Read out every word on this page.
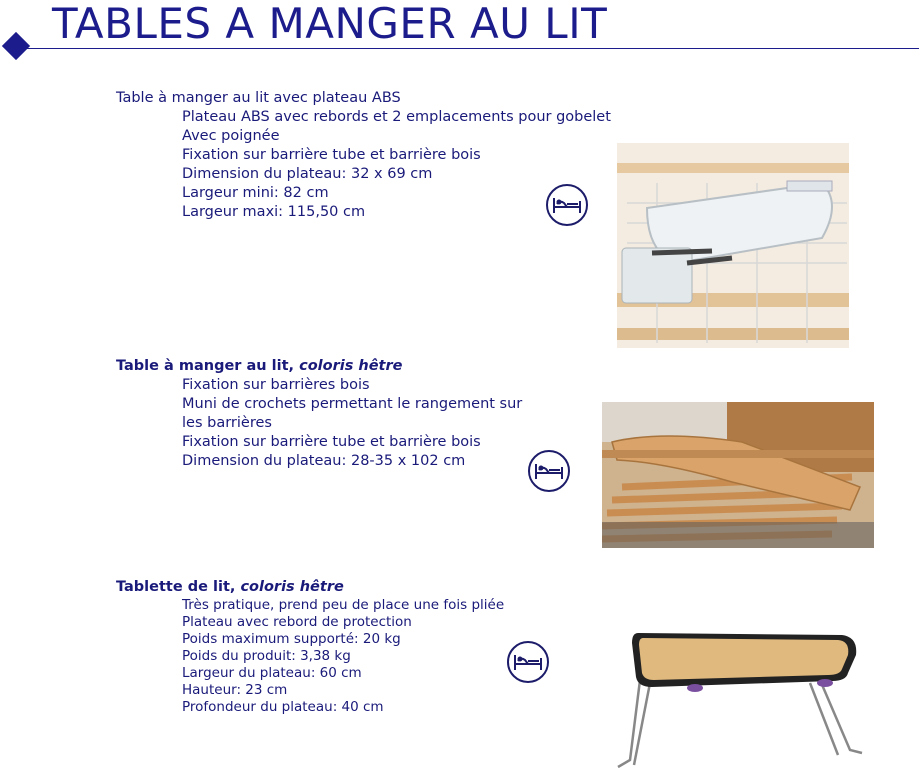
TABLES A MANGER AU LIT
Table à manger au lit avec plateau ABS
Plateau ABS avec rebords et 2 emplacements pour gobelet
Avec poignée
Fixation sur barrière tube et barrière bois
Dimension du plateau: 32 x 69 cm
Largeur mini: 82 cm
Largeur maxi: 115,50 cm
Table à manger au lit, coloris hêtre
Fixation sur barrières bois
Muni de crochets permettant le rangement sur
les barrières
Fixation sur barrière tube et barrière bois
Dimension du plateau: 28-35 x 102 cm
Tablette de lit, coloris hêtre
Très pratique, prend peu de place une fois pliée
Plateau avec rebord de protection
Poids maximum supporté: 20 kg
Poids du produit: 3,38 kg
Largeur du plateau: 60 cm
Hauteur: 23 cm
Profondeur du plateau: 40 cm
